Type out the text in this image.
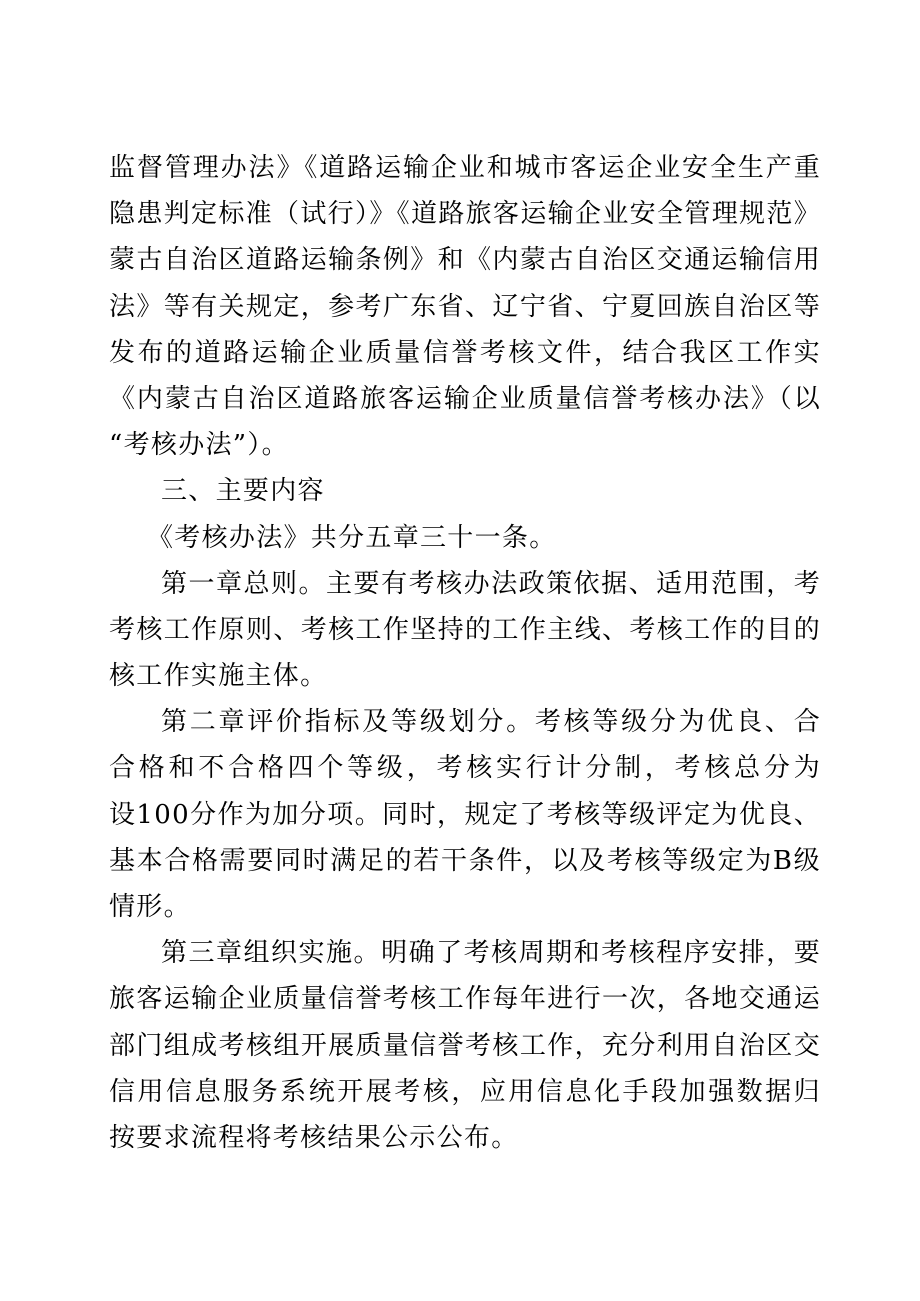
监督管理办法》《道路运输企业和城市客运企业安全生产重
隐患判定标准（试行）》《道路旅客运输企业安全管理规范》
蒙古自治区道路运输条例》和《内蒙古自治区交通运输信用
法》等有关规定，参考广东省、辽宁省、宁夏回族自治区等
发布的道路运输企业质量信誉考核文件，结合我区工作实
《内蒙古自治区道路旅客运输企业质量信誉考核办法》（以
“考核办法”）。
三、主要内容
《考核办法》共分五章三十一条。
第一章总则。主要有考核办法政策依据、适用范围，考
考核工作原则、考核工作坚持的工作主线、考核工作的目的
核工作实施主体。
第二章评价指标及等级划分。考核等级分为优良、合
合格和不合格四个等级，考核实行计分制，考核总分为
设100分作为加分项。同时，规定了考核等级评定为优良、
基本合格需要同时满足的若干条件，以及考核等级定为B级
情形。
第三章组织实施。明确了考核周期和考核程序安排，要
旅客运输企业质量信誉考核工作每年进行一次，各地交通运
部门组成考核组开展质量信誉考核工作，充分利用自治区交
信用信息服务系统开展考核，应用信息化手段加强数据归
按要求流程将考核结果公示公布。
